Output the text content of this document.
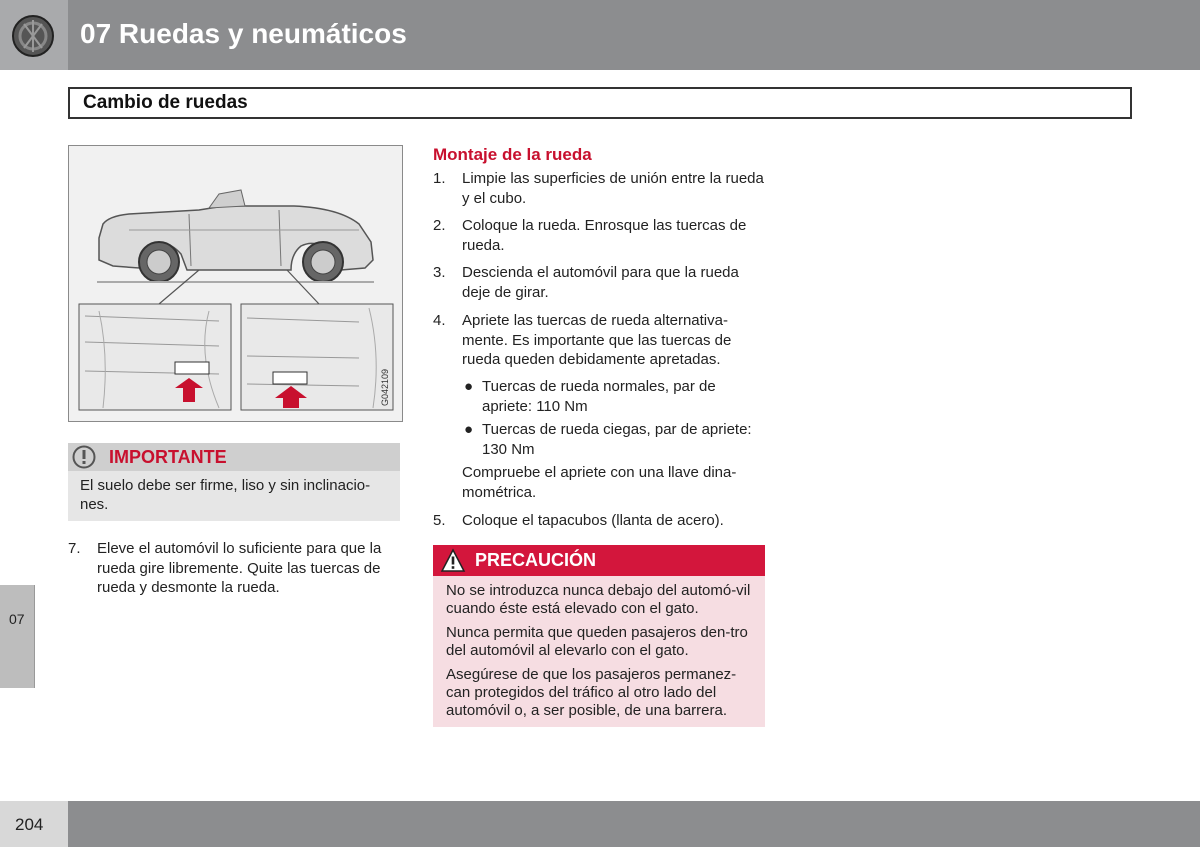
07 Ruedas y neumáticos
Cambio de ruedas
G042109
IMPORTANTE
El suelo debe ser firme, liso y sin inclinacio-nes.
7. Eleve el automóvil lo suficiente para que la rueda gire libremente. Quite las tuercas de rueda y desmonte la rueda.
Montaje de la rueda
1. Limpie las superficies de unión entre la rueda y el cubo.
2. Coloque la rueda. Enrosque las tuercas de rueda.
3. Descienda el automóvil para que la rueda deje de girar.
4. Apriete las tuercas de rueda alternativa-mente. Es importante que las tuercas de rueda queden debidamente apretadas.
● Tuercas de rueda normales, par de apriete: 110 Nm
● Tuercas de rueda ciegas, par de apriete: 130 Nm
Compruebe el apriete con una llave dina-mométrica.
5. Coloque el tapacubos (llanta de acero).
PRECAUCIÓN
No se introduzca nunca debajo del automó-vil cuando éste está elevado con el gato.
Nunca permita que queden pasajeros den-tro del automóvil al elevarlo con el gato.
Asegúrese de que los pasajeros permanez-can protegidos del tráfico al otro lado del automóvil o, a ser posible, de una barrera.
07
204
